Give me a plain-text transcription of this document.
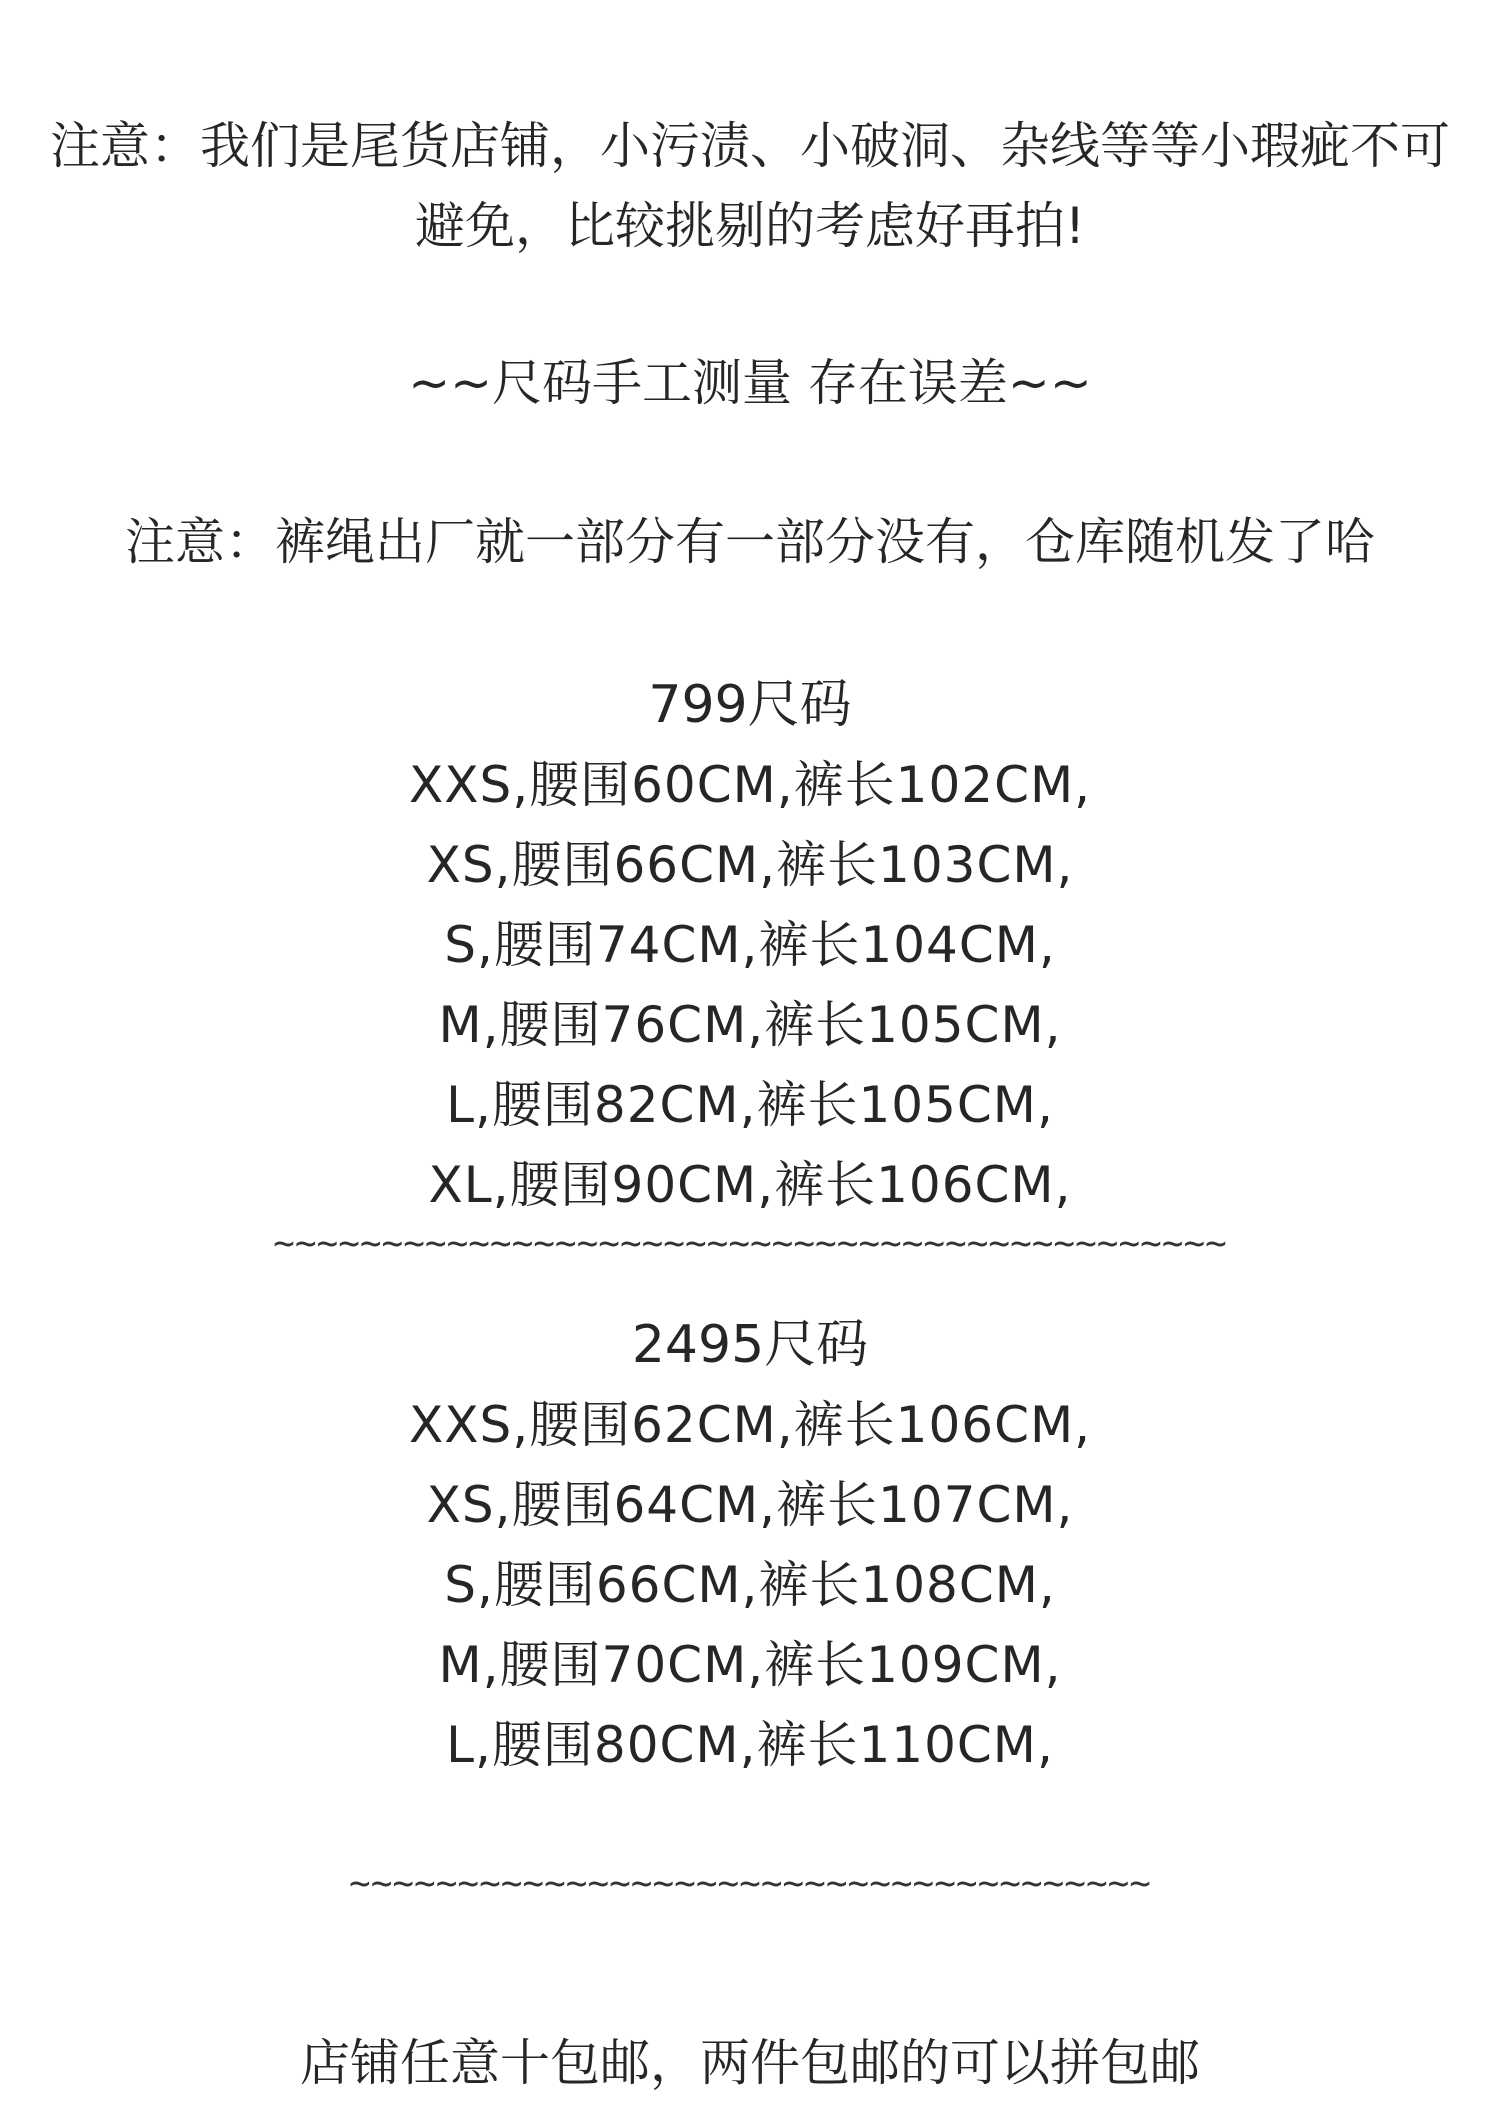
注意：我们是尾货店铺，小污渍、小破洞、杂线等等小瑕疵不可
避免，比较挑剔的考虑好再拍!
~~尺码手工测量 存在误差~~
注意：裤绳出厂就一部分有一部分没有，仓库随机发了哈
799尺码
XXS,腰围60CM,裤长102CM,
XS,腰围66CM,裤长103CM,
S,腰围74CM,裤长104CM,
M,腰围76CM,裤长105CM,
L,腰围82CM,裤长105CM,
XL,腰围90CM,裤长106CM,
~~~~~~~~~~~~~~~~~~~~~~~~~~~~~~~~~~~~~~~~~~~~
2495尺码
XXS,腰围62CM,裤长106CM,
XS,腰围64CM,裤长107CM,
S,腰围66CM,裤长108CM,
M,腰围70CM,裤长109CM,
L,腰围80CM,裤长110CM,
~~~~~~~~~~~~~~~~~~~~~~~~~~~~~~~~~~~~~
店铺任意十包邮，两件包邮的可以拼包邮
